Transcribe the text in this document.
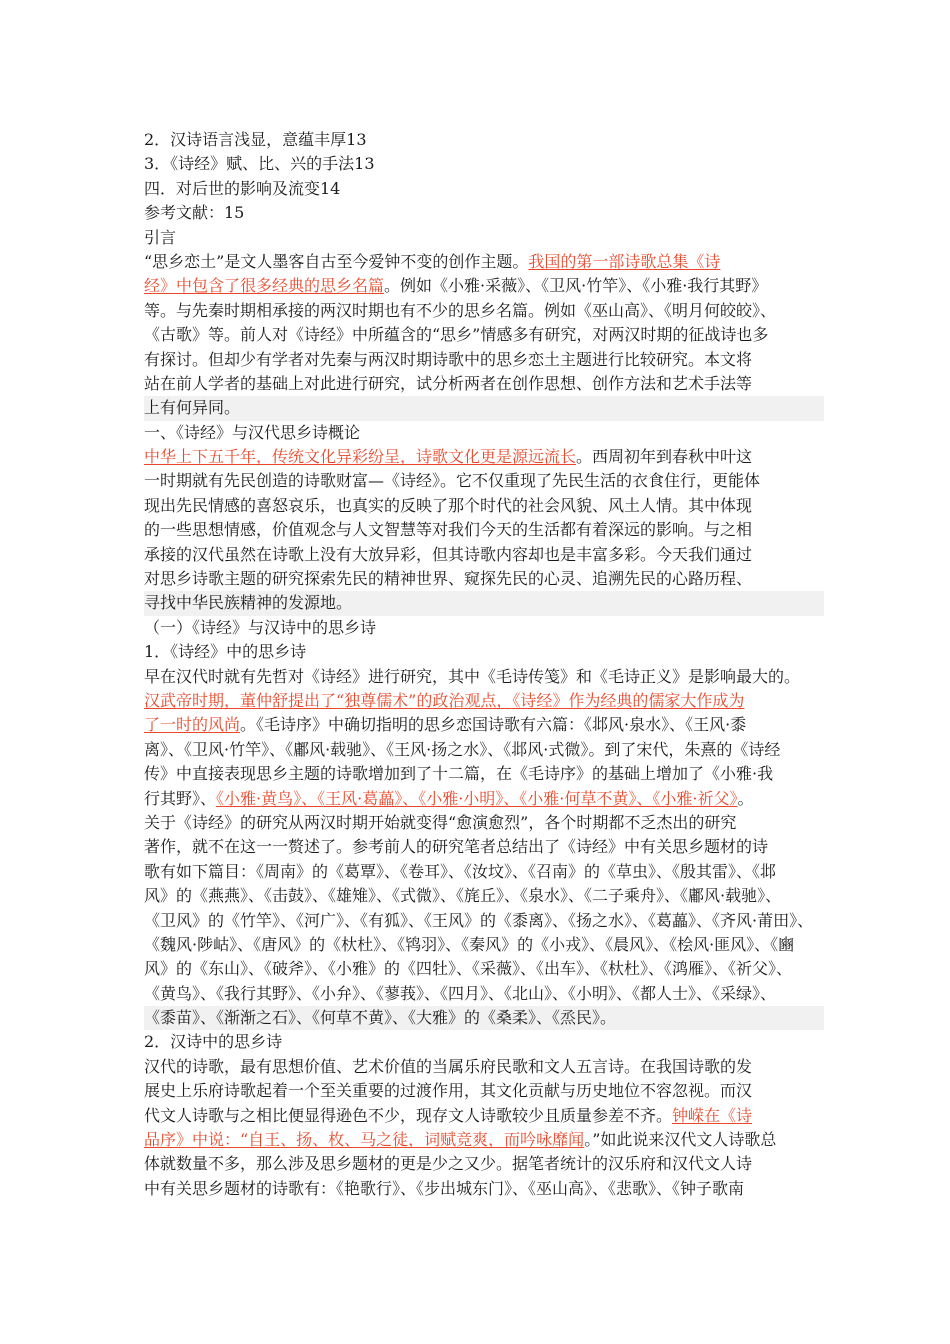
2．汉诗语言浅显，意蕴丰厚13
3．《诗经》赋、比、兴的手法13
四．对后世的影响及流变14
参考文献：15
引言
“思乡恋土”是文人墨客自古至今爱钟不变的创作主题。我国的第一部诗歌总集《诗
经》中包含了很多经典的思乡名篇。例如《小雅·采薇》、《卫风·竹竿》、《小雅·我行其野》
等。与先秦时期相承接的两汉时期也有不少的思乡名篇。例如《巫山高》、《明月何皎皎》、
《古歌》等。前人对《诗经》中所蕴含的“思乡”情感多有研究，对两汉时期的征战诗也多
有探讨。但却少有学者对先秦与两汉时期诗歌中的思乡恋土主题进行比较研究。本文将
站在前人学者的基础上对此进行研究，试分析两者在创作思想、创作方法和艺术手法等
上有何异同。
一、《诗经》与汉代思乡诗概论
中华上下五千年，传统文化异彩纷呈，诗歌文化更是源远流长。西周初年到春秋中叶这
一时期就有先民创造的诗歌财富—《诗经》。它不仅重现了先民生活的衣食住行，更能体
现出先民情感的喜怒哀乐，也真实的反映了那个时代的社会风貌、风土人情。其中体现
的一些思想情感，价值观念与人文智慧等对我们今天的生活都有着深远的影响。与之相
承接的汉代虽然在诗歌上没有大放异彩，但其诗歌内容却也是丰富多彩。今天我们通过
对思乡诗歌主题的研究探索先民的精神世界、窥探先民的心灵、追溯先民的心路历程、
寻找中华民族精神的发源地。
（一）《诗经》与汉诗中的思乡诗
1．《诗经》中的思乡诗
早在汉代时就有先哲对《诗经》进行研究，其中《毛诗传笺》和《毛诗正义》是影响最大的。
汉武帝时期，董仲舒提出了“独尊儒术”的政治观点，《诗经》作为经典的儒家大作成为
了一时的风尚。《毛诗序》中确切指明的思乡恋国诗歌有六篇：《邶风·泉水》、《王风·黍
离》、《卫风·竹竿》、《鄘风·载驰》、《王风·扬之水》、《邶风·式微》。到了宋代，朱熹的《诗经
传》中直接表现思乡主题的诗歌增加到了十二篇，在《毛诗序》的基础上增加了《小雅·我
行其野》、《小雅·黄鸟》、《王风·葛藟》、《小雅·小明》、《小雅·何草不黄》、《小雅·祈父》。
关于《诗经》的研究从两汉时期开始就变得“愈演愈烈”，各个时期都不乏杰出的研究
著作，就不在这一一赘述了。参考前人的研究笔者总结出了《诗经》中有关思乡题材的诗
歌有如下篇目：《周南》的《葛覃》、《卷耳》、《汝坟》、《召南》的《草虫》、《殷其雷》、《邶
风》的《燕燕》、《击鼓》、《雄雉》、《式微》、《旄丘》、《泉水》、《二子乘舟》、《鄘风·载驰》、
《卫风》的《竹竿》、《河广》、《有狐》、《王风》的《黍离》、《扬之水》、《葛藟》、《齐风·莆田》、
《魏风·陟岵》、《唐风》的《杕杜》、《鸨羽》、《秦风》的《小戎》、《晨风》、《桧风·匪风》、《豳
风》的《东山》、《破斧》、《小雅》的《四牡》、《采薇》、《出车》、《杕杜》、《鸿雁》、《祈父》、
《黄鸟》、《我行其野》、《小弁》、《蓼莪》、《四月》、《北山》、《小明》、《都人士》、《采绿》、
《黍苗》、《渐渐之石》、《何草不黄》、《大雅》的《桑柔》、《烝民》。
2．汉诗中的思乡诗
汉代的诗歌，最有思想价值、艺术价值的当属乐府民歌和文人五言诗。在我国诗歌的发
展史上乐府诗歌起着一个至关重要的过渡作用，其文化贡献与历史地位不容忽视。而汉
代文人诗歌与之相比便显得逊色不少，现存文人诗歌较少且质量参差不齐。钟嵘在《诗
品序》中说：“自王、扬、枚、马之徒，词赋竞爽，而吟咏靡闻。”如此说来汉代文人诗歌总
体就数量不多，那么涉及思乡题材的更是少之又少。据笔者统计的汉乐府和汉代文人诗
中有关思乡题材的诗歌有：《艳歌行》、《步出城东门》、《巫山高》、《悲歌》、《钟子歌南
